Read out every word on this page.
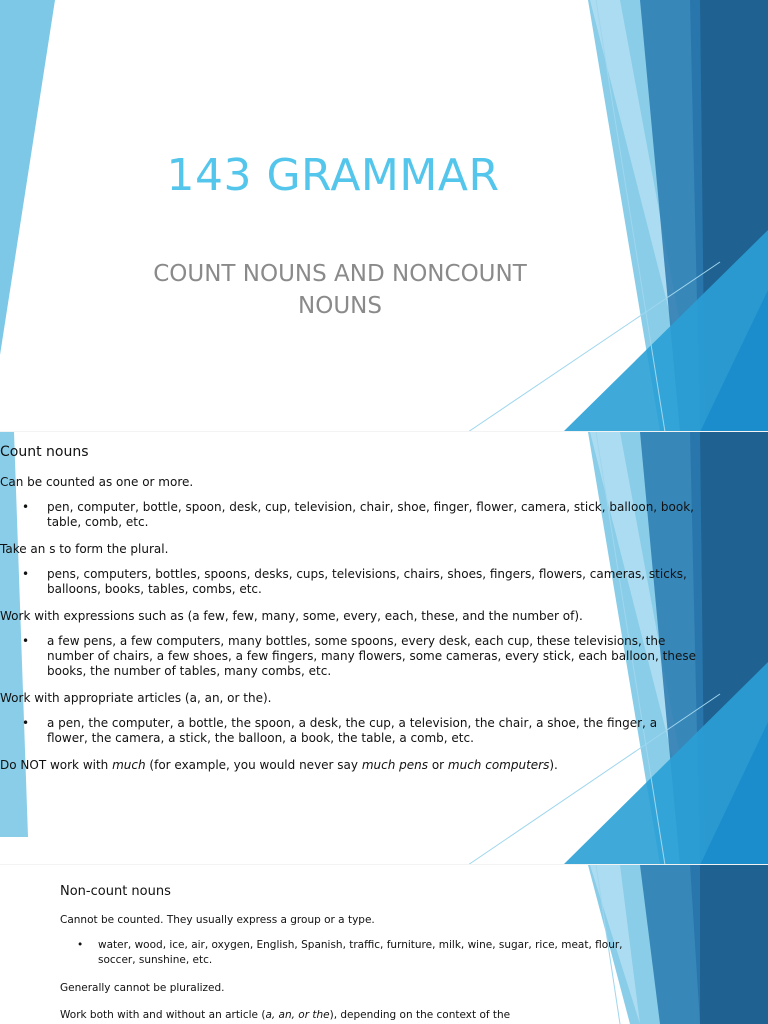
143 GRAMMAR
COUNT NOUNS AND NONCOUNT NOUNS
Count nouns

Can be counted as one or more.

• pen, computer, bottle, spoon, desk, cup, television, chair, shoe, finger, flower, camera, stick, balloon, book, table, comb, etc.

Take an s to form the plural.

• pens, computers, bottles, spoons, desks, cups, televisions, chairs, shoes, fingers, flowers, cameras, sticks, balloons, books, tables, combs, etc.

Work with expressions such as (a few, few, many, some, every, each, these, and the number of).

• a few pens, a few computers, many bottles, some spoons, every desk, each cup, these televisions, the number of chairs, a few shoes, a few fingers, many flowers, some cameras, every stick, each balloon, these books, the number of tables, many combs, etc.

Work with appropriate articles (a, an, or the).

• a pen, the computer, a bottle, the spoon, a desk, the cup, a television, the chair, a shoe, the finger, a flower, the camera, a stick, the balloon, a book, the table, a comb, etc.

Do NOT work with much (for example, you would never say much pens or much computers).

Non-count nouns

Cannot be counted. They usually express a group or a type.

• water, wood, ice, air, oxygen, English, Spanish, traffic, furniture, milk, wine, sugar, rice, meat, flour, soccer, sunshine, etc.

Generally cannot be pluralized.

Work both with and without an article (a, an, or the), depending on the context of the
